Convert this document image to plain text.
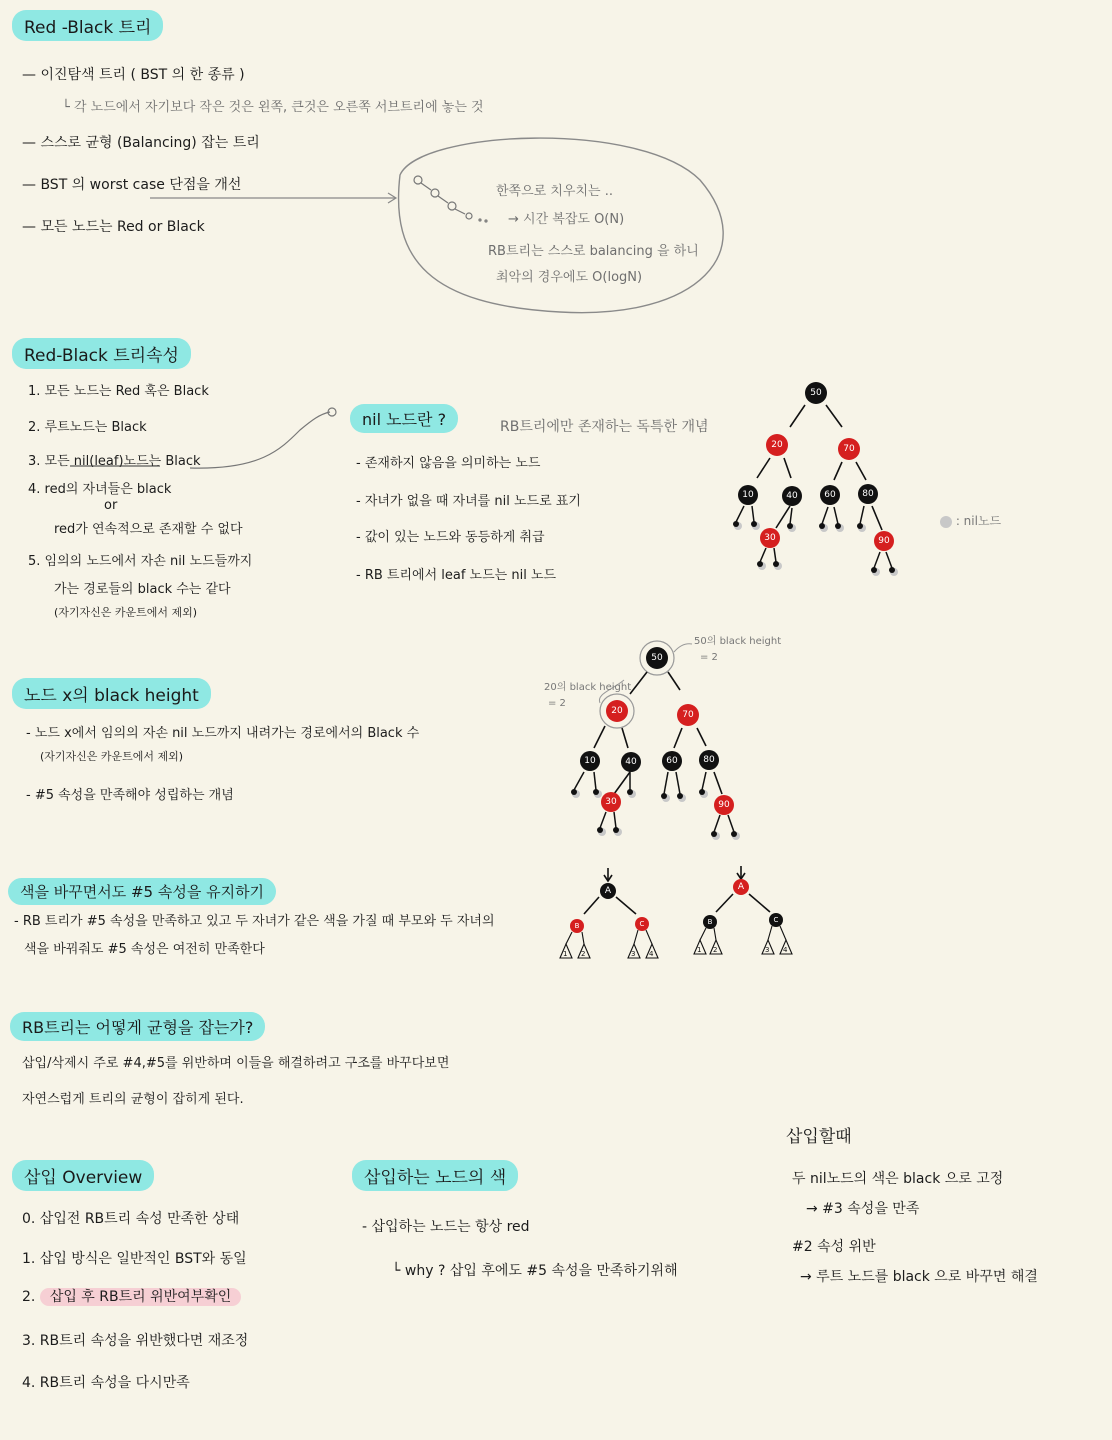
Red -Black 트리
— 이진탐색 트리 ( BST 의 한 종류 )
└ 각 노드에서 자기보다 작은 것은 왼쪽, 큰것은 오른쪽 서브트리에 놓는 것
— 스스로 균형 (Balancing) 잡는 트리
— BST 의 worst case 단점을 개선
— 모든 노드는 Red or Black
한쪽으로 치우치는 ..
→ 시간 복잡도 O(N)
RB트리는 스스로 balancing 을 하니
최악의 경우에도 O(logN)
Red-Black 트리속성
1. 모든 노드는 Red 혹은 Black
2. 루트노드는 Black
3. 모든 nil(leaf)노드는 Black
4. red의 자녀들은 black
or
red가 연속적으로 존재할 수 없다
5. 임의의 노드에서 자손 nil 노드들까지
가는 경로들의 black 수는 같다
(자기자신은 카운트에서 제외)
nil 노드란 ?	RB트리에만 존재하는 독특한 개념
- 존재하지 않음을 의미하는 노드
- 자녀가 없을 때 자녀를 nil 노드로 표기
- 값이 있는 노드와 동등하게 취급
- RB 트리에서 leaf 노드는 nil 노드
: nil노드
50
20	70
10	40	60	80
30	90
노드 x의 black height
- 노드 x에서 임의의 자손 nil 노드까지 내려가는 경로에서의 Black 수
(자기자신은 카운트에서 제외)
- #5 속성을 만족해야 성립하는 개념
50의 black height
= 2
20의 black height
= 2
50
20	70
10	40	60	80
30	90
색을 바꾸면서도 #5 속성을 유지하기
- RB 트리가 #5 속성을 만족하고 있고 두 자녀가 같은 색을 가질 때 부모와 두 자녀의
색을 바꿔줘도 #5 속성은 여전히 만족한다
A
B	C
1 2	3 4
A
B	C
1 2	3 4
RB트리는 어떻게 균형을 잡는가?
삽입/삭제시 주로 #4,#5를 위반하며 이들을 해결하려고 구조를 바꾸다보면
자연스럽게 트리의 균형이 잡히게 된다.
삽입 Overview
0. 삽입전 RB트리 속성 만족한 상태
1. 삽입 방식은 일반적인 BST와 동일
2. 삽입 후 RB트리 위반여부확인
3. RB트리 속성을 위반했다면 재조정
4. RB트리 속성을 다시만족
삽입하는 노드의 색
- 삽입하는 노드는 항상 red
└ why ? 삽입 후에도 #5 속성을 만족하기위해
삽입할때
두 nil노드의 색은 black 으로 고정
→ #3 속성을 만족
#2 속성 위반
→ 루트 노드를 black 으로 바꾸면 해결
